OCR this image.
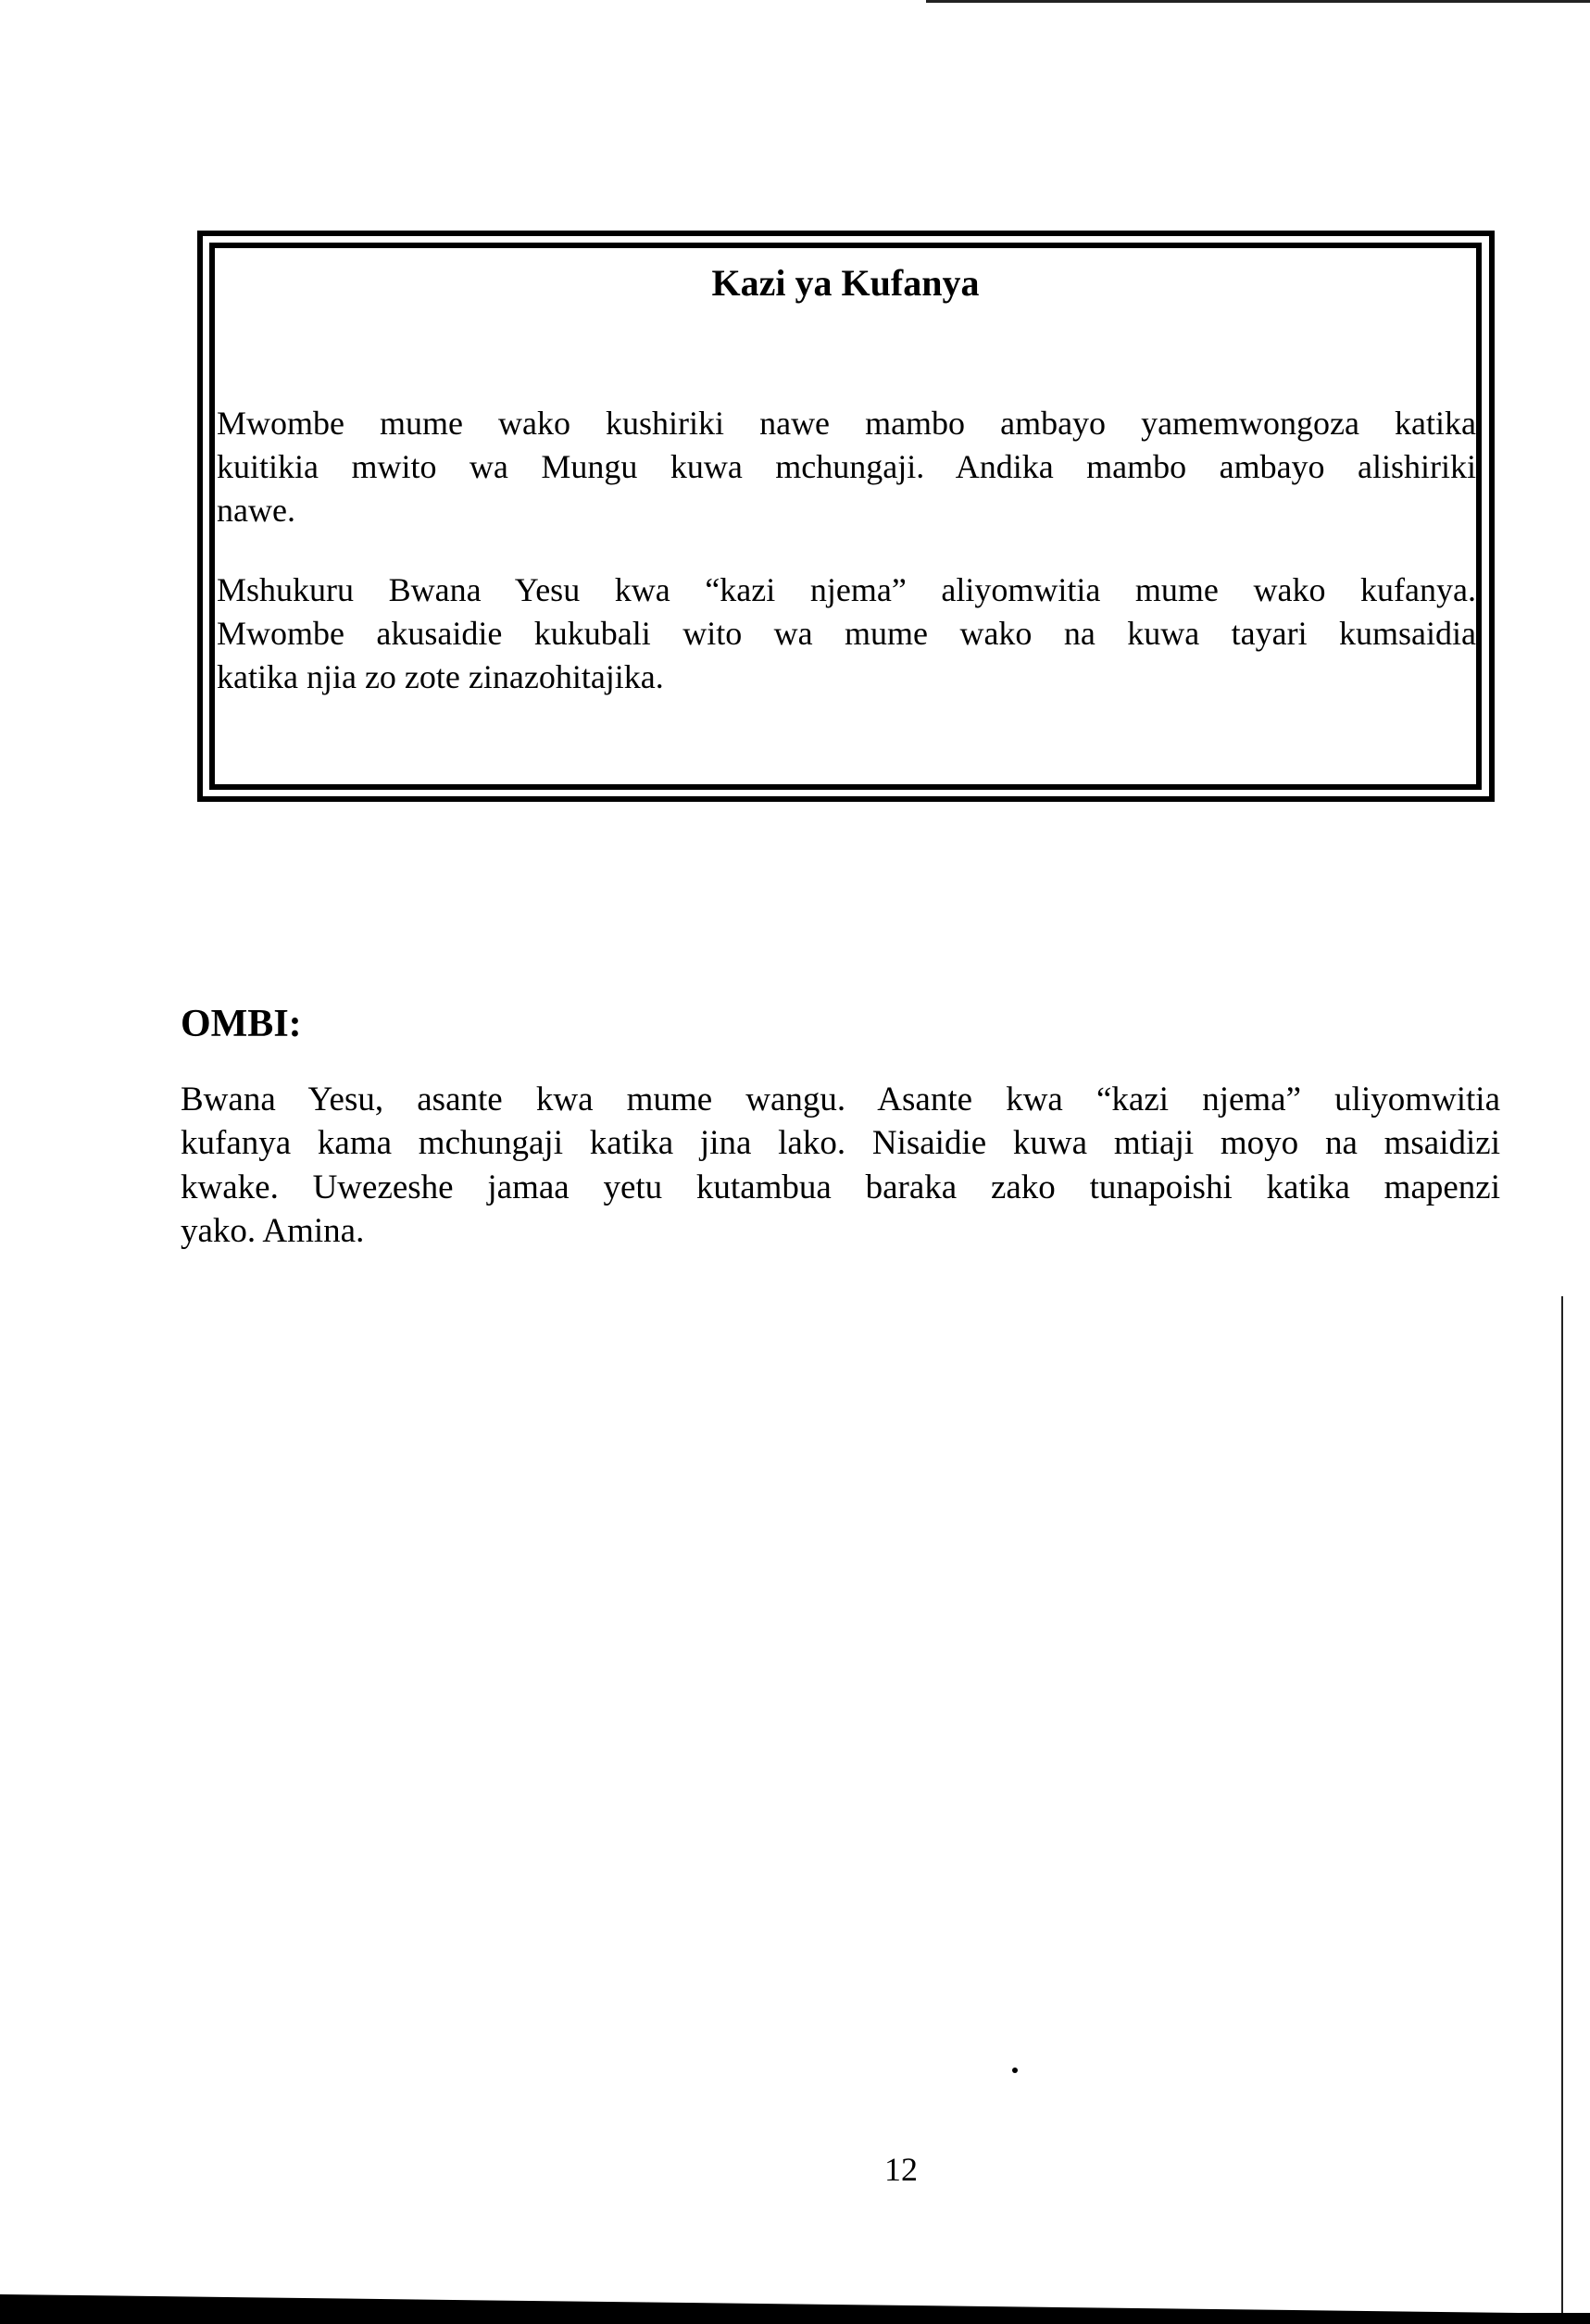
Kazi ya Kufanya
Mwombe mume wako kushiriki nawe mambo ambayo yamemwongoza katika
kuitikia mwito wa Mungu kuwa mchungaji. Andika mambo ambayo alishiriki
nawe.
Mshukuru Bwana Yesu kwa “kazi njema” aliyomwitia mume wako kufanya.
Mwombe akusaidie kukubali wito wa mume wako na kuwa tayari kumsaidia
katika njia zo zote zinazohitajika.
OMBI:
Bwana Yesu, asante kwa mume wangu. Asante kwa “kazi njema” uliyomwitia
kufanya kama mchungaji katika jina lako. Nisaidie kuwa mtiaji moyo na msaidizi
kwake. Uwezeshe jamaa yetu kutambua baraka zako tunapoishi katika mapenzi
yako. Amina.
12
